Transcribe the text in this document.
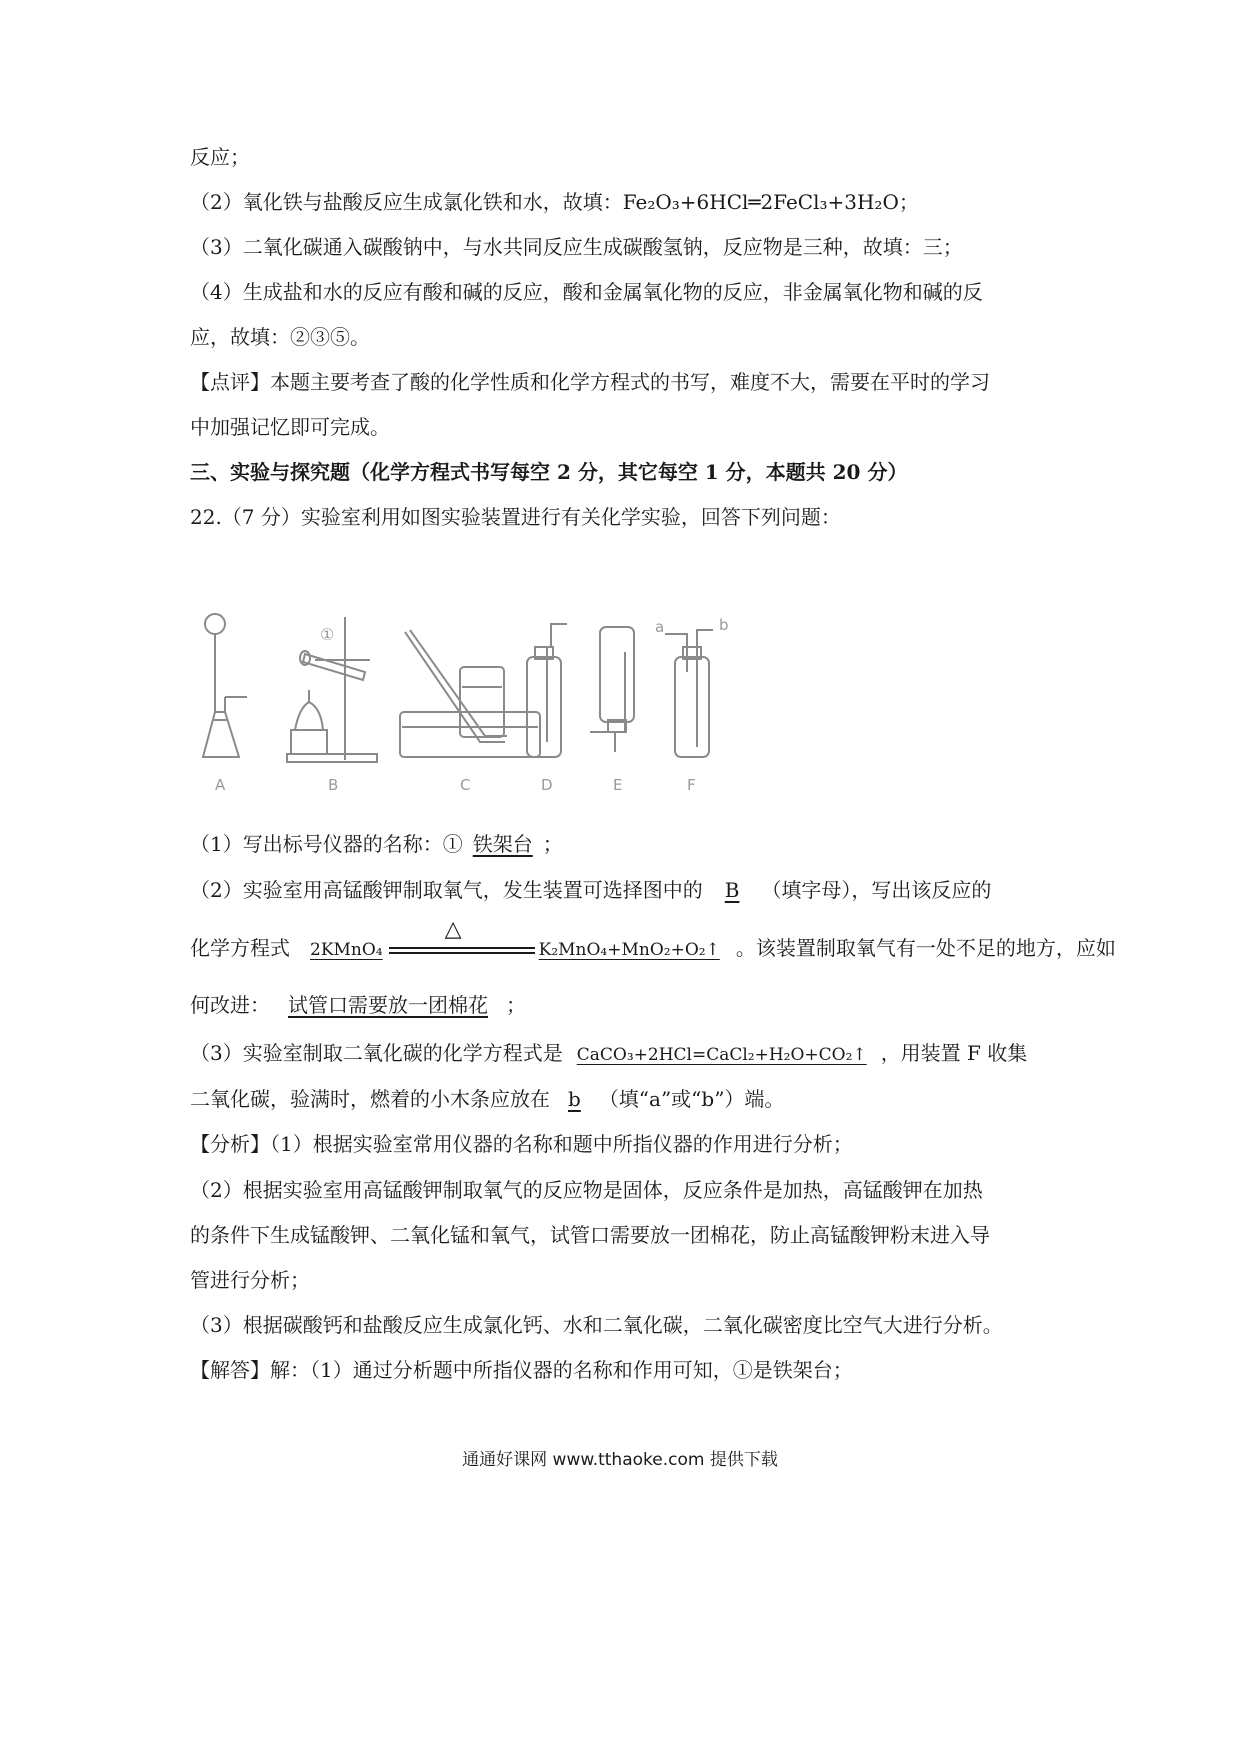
反应；
（2）氧化铁与盐酸反应生成氯化铁和水，故填：Fe₂O₃+6HCl═2FeCl₃+3H₂O；
（3）二氧化碳通入碳酸钠中，与水共同反应生成碳酸氢钠，反应物是三种，故填：三；
（4）生成盐和水的反应有酸和碱的反应，酸和金属氧化物的反应，非金属氧化物和碱的反
应，故填：②③⑤。
【点评】本题主要考查了酸的化学性质和化学方程式的书写，难度不大，需要在平时的学习
中加强记忆即可完成。
三、实验与探究题（化学方程式书写每空 2 分，其它每空 1 分，本题共 20 分）
22.（7 分）实验室利用如图实验装置进行有关化学实验，回答下列问题：
A	B	C	D	E	F
①	a	b
（1）写出标号仪器的名称：① 铁架台 ；
（2）实验室用高锰酸钾制取氧气，发生装置可选择图中的 B （填字母），写出该反应的
化学方程式 2KMnO₄
△
K₂MnO₄+MnO₂+O₂↑ 。该装置制取氧气有一处不足的地方，应如
何改进： 试管口需要放一团棉花 ；
（3）实验室制取二氧化碳的化学方程式是 CaCO₃+2HCl=CaCl₂+H₂O+CO₂↑ ，用装置 F 收集
二氧化碳，验满时，燃着的小木条应放在 b （填“a”或“b”）端。
【分析】（1）根据实验室常用仪器的名称和题中所指仪器的作用进行分析；
（2）根据实验室用高锰酸钾制取氧气的反应物是固体，反应条件是加热，高锰酸钾在加热
的条件下生成锰酸钾、二氧化锰和氧气，试管口需要放一团棉花，防止高锰酸钾粉末进入导
管进行分析；
（3）根据碳酸钙和盐酸反应生成氯化钙、水和二氧化碳，二氧化碳密度比空气大进行分析。
【解答】解：（1）通过分析题中所指仪器的名称和作用可知，①是铁架台；
通通好课网 www.tthaoke.com 提供下载
